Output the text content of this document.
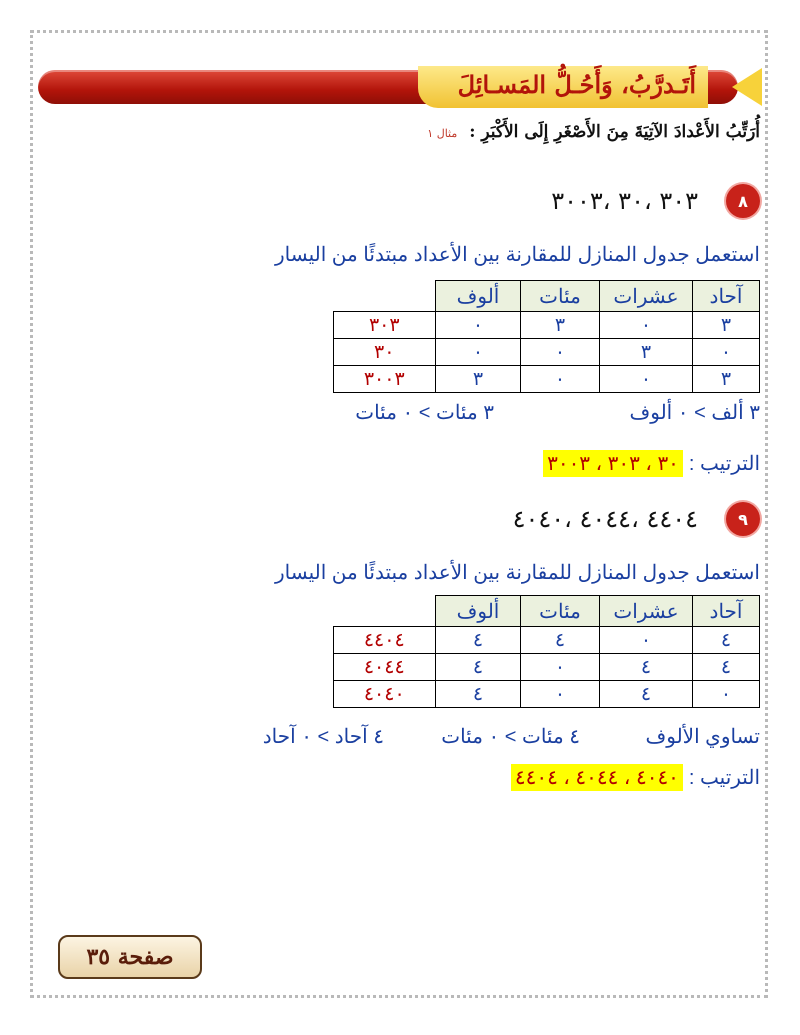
أَتَـدرَّبُ، وَأَحُـلُّ المَسـائِلَ
أُرَتِّبُ الأَعْدادَ الآتِيَةَ مِنَ الأَصْغَرِ إِلَى الأَكْبَرِ : مثال ١
٨
٣٠٣ ،٣٠ ،٣٠٠٣
استعمل جدول المنازل للمقارنة بين الأعداد مبتدئًا من اليسار
آحاد	عشرات	مئات	ألوف	
٣	٠	٣	٠	٣٠٣
٠	٣	٠	٠	٣٠
٣	٠	٠	٣	٣٠٠٣
٣ ألف > ٠ ألوف
٣ مئات > ٠ مئات
الترتيب :
٣٠ ، ٣٠٣ ، ٣٠٠٣
٩
٤٤٠٤ ،٤٠٤٤ ،٤٠٤٠
استعمل جدول المنازل للمقارنة بين الأعداد مبتدئًا من اليسار
آحاد	عشرات	مئات	ألوف	
٤	٠	٤	٤	٤٤٠٤
٤	٤	٠	٤	٤٠٤٤
٠	٤	٠	٤	٤٠٤٠
تساوي الألوف
٤ مئات > ٠ مئات
٤ آحاد > ٠ آحاد
الترتيب :
٤٠٤٠ ، ٤٠٤٤ ، ٤٤٠٤
صفحة ٣٥
